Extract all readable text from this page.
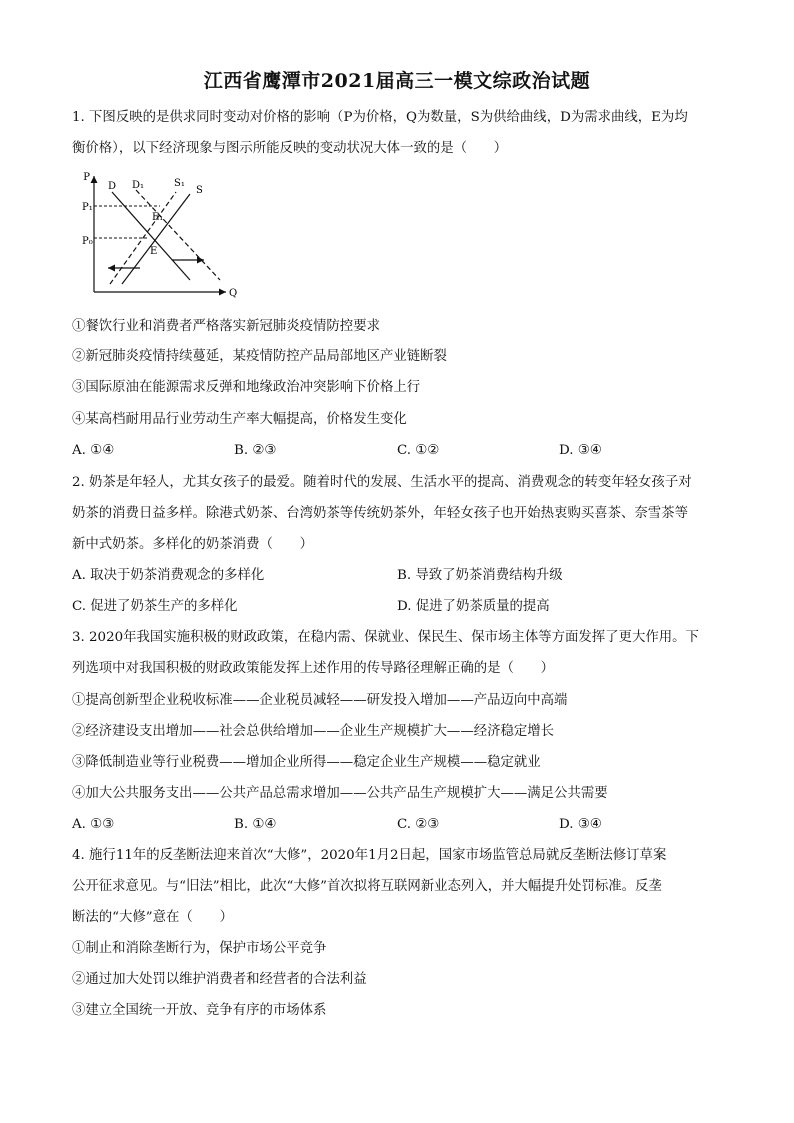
江西省鹰潭市2021届高三一模文综政治试题
1. 下图反映的是供求同时变动对价格的影响（P为价格，Q为数量，S为供给曲线，D为需求曲线，E为均
衡价格），以下经济现象与图示所能反映的变动状况大体一致的是（　　）
P
Q
P₁
P₀
D D₁	S₁
S
E₁
E
①餐饮行业和消费者严格落实新冠肺炎疫情防控要求
②新冠肺炎疫情持续蔓延，某疫情防控产品局部地区产业链断裂
③国际原油在能源需求反弹和地缘政治冲突影响下价格上行
④某高档耐用品行业劳动生产率大幅提高，价格发生变化
A. ①④	B. ②③	C. ①②	D. ③④
2. 奶茶是年轻人，尤其女孩子的最爱。随着时代的发展、生活水平的提高、消费观念的转变年轻女孩子对
奶茶的消费日益多样。除港式奶茶、台湾奶茶等传统奶茶外，年轻女孩子也开始热衷购买喜茶、奈雪茶等
新中式奶茶。多样化的奶茶消费（　　）
A. 取决于奶茶消费观念的多样化	B. 导致了奶茶消费结构升级
C. 促进了奶茶生产的多样化	D. 促进了奶茶质量的提高
3. 2020年我国实施积极的财政政策，在稳内需、保就业、保民生、保市场主体等方面发挥了更大作用。下
列选项中对我国积极的财政政策能发挥上述作用的传导路径理解正确的是（　　）
①提高创新型企业税收标准——企业税员减轻——研发投入增加——产品迈向中高端
②经济建设支出增加——社会总供给增加——企业生产规模扩大——经济稳定增长
③降低制造业等行业税费——增加企业所得——稳定企业生产规模——稳定就业
④加大公共服务支出——公共产品总需求增加——公共产品生产规模扩大——满足公共需要
A. ①③	B. ①④	C. ②③	D. ③④
4. 施行11年的反垄断法迎来首次“大修”，2020年1月2日起，国家市场监管总局就反垄断法修订草案
公开征求意见。与“旧法”相比，此次“大修”首次拟将互联网新业态列入，并大幅提升处罚标准。反垄
断法的“大修”意在（　　）
①制止和消除垄断行为，保护市场公平竞争
②通过加大处罚以维护消费者和经营者的合法利益
③建立全国统一开放、竞争有序的市场体系
